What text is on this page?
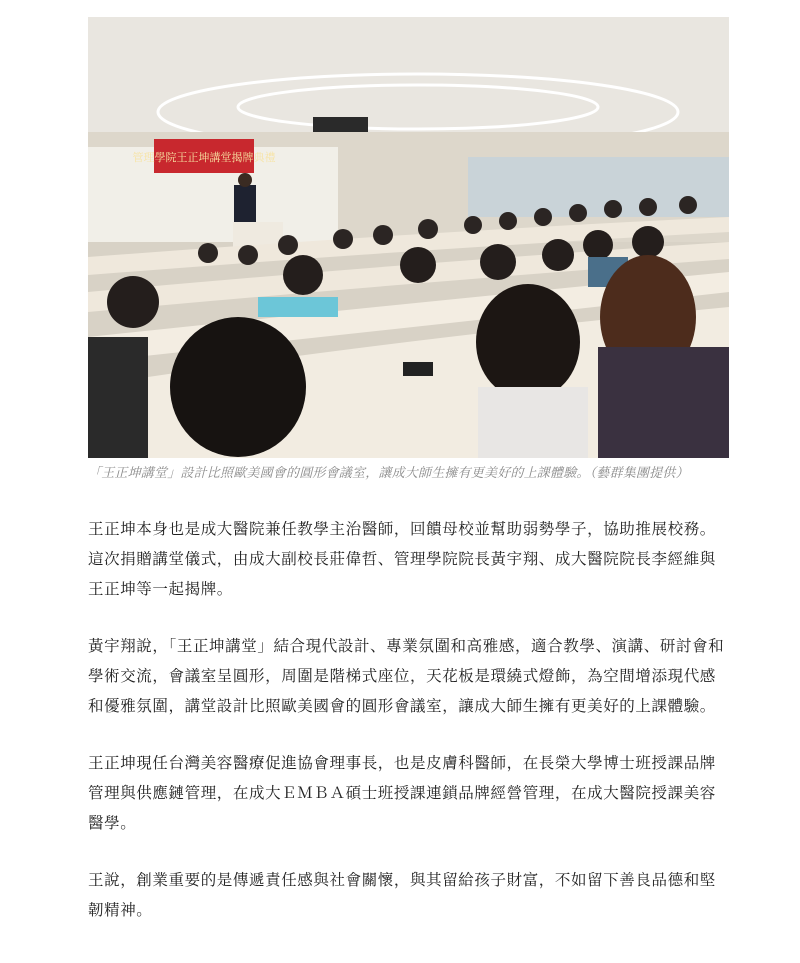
管理學院王正坤講堂揭牌典禮
「王正坤講堂」設計比照歐美國會的圓形會議室，讓成大師生擁有更美好的上課體驗。（藝群集團提供）

王正坤本身也是成大醫院兼任教學主治醫師，回饋母校並幫助弱勢學子，協助推展校務。這次捐贈講堂儀式，由成大副校長莊偉哲、管理學院院長黃宇翔、成大醫院院長李經維與王正坤等一起揭牌。

黃宇翔說，「王正坤講堂」結合現代設計、專業氛圍和高雅感，適合教學、演講、研討會和學術交流，會議室呈圓形，周圍是階梯式座位，天花板是環繞式燈飾，為空間增添現代感和優雅氛圍，講堂設計比照歐美國會的圓形會議室，讓成大師生擁有更美好的上課體驗。

王正坤現任台灣美容醫療促進協會理事長，也是皮膚科醫師，在長榮大學博士班授課品牌管理與供應鏈管理，在成大ＥＭＢＡ碩士班授課連鎖品牌經營管理，在成大醫院授課美容醫學。

王說，創業重要的是傳遞責任感與社會關懷，與其留給孩子財富，不如留下善良品德和堅韌精神。
